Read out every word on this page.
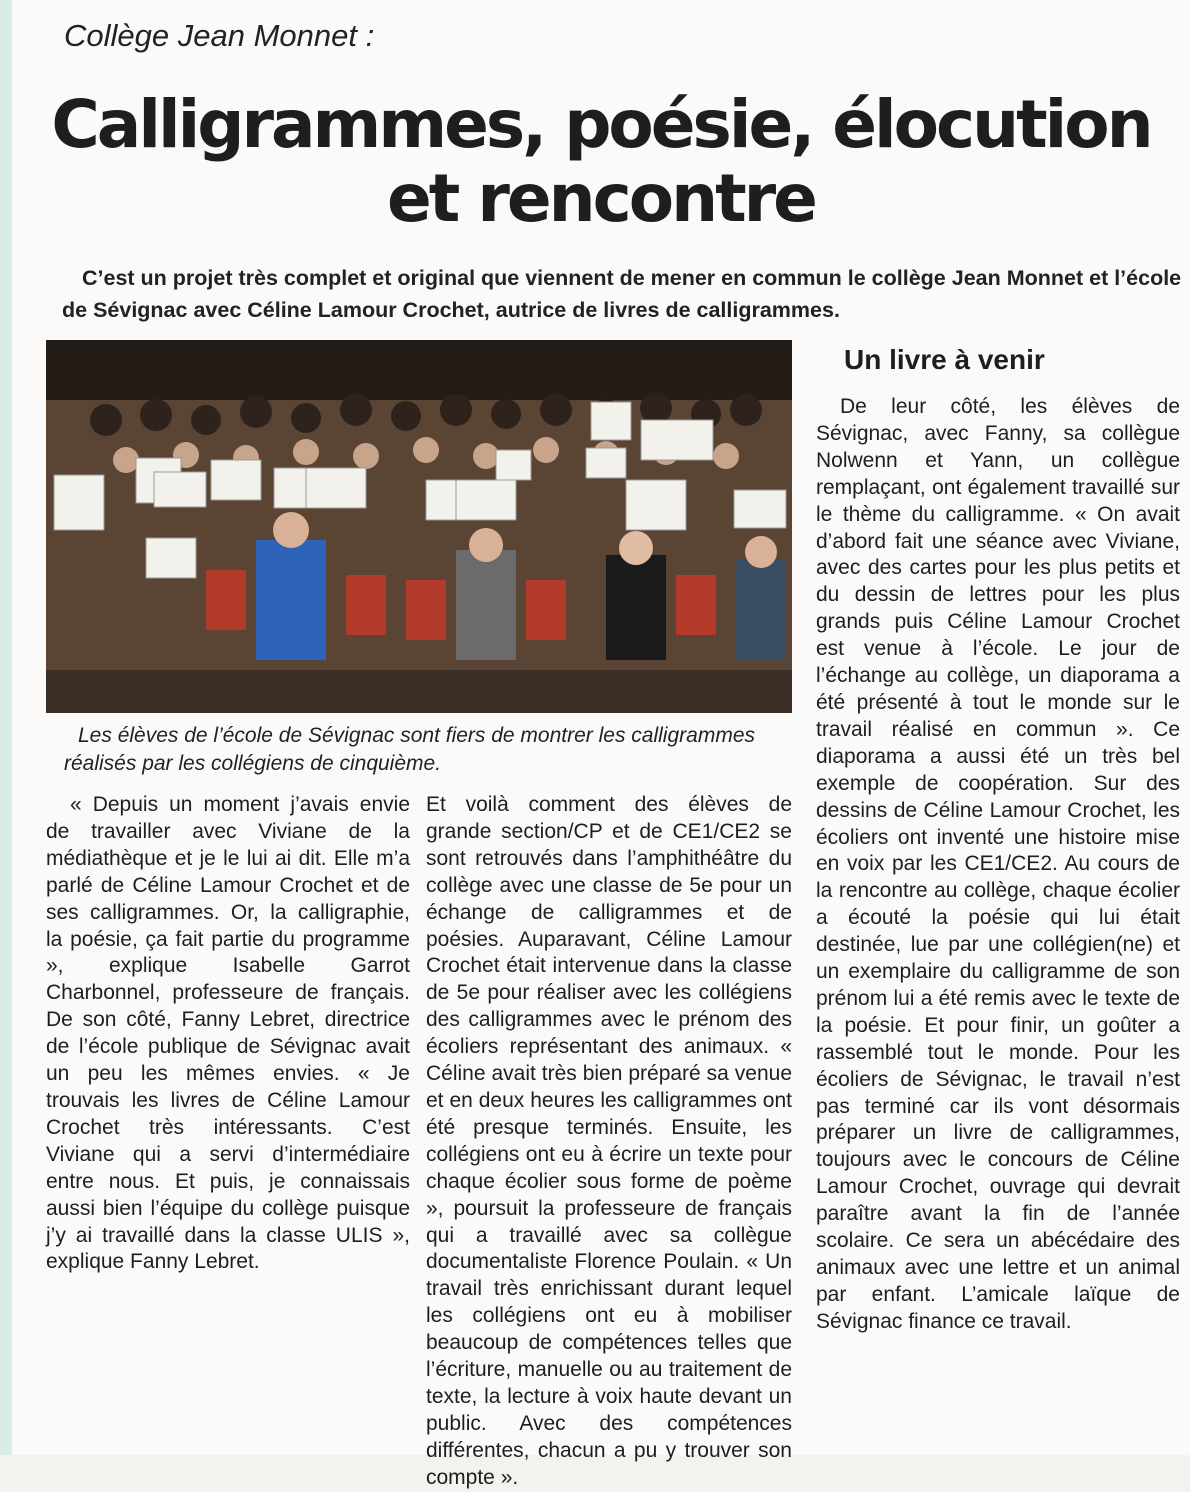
Collège Jean Monnet :
Calligrammes, poésie, élocution
et rencontre
C’est un projet très complet et original que viennent de mener en commun le collège Jean Monnet et l’école de Sévignac avec Céline Lamour Crochet, autrice de livres de calligrammes.
Les élèves de l’école de Sévignac sont fiers de montrer les calligrammes réalisés par les collégiens de cinquième.

« Depuis un moment j’avais envie de travailler avec Viviane de la médiathèque et je le lui ai dit. Elle m’a parlé de Céline Lamour Crochet et de ses calligrammes. Or, la calligraphie, la poésie, ça fait partie du programme », explique Isabelle Garrot Charbonnel, professeure de français. De son côté, Fanny Lebret, directrice de l’école publique de Sévignac avait un peu les mêmes envies. « Je trouvais les livres de Céline Lamour Crochet très intéressants. C’est Viviane qui a servi d’intermédiaire entre nous. Et puis, je connaissais aussi bien l’équipe du collège puisque j’y ai travaillé dans la classe ULIS », explique Fanny Lebret.

Et voilà comment des élèves de grande section/CP et de CE1/CE2 se sont retrouvés dans l’amphithéâtre du collège avec une classe de 5e pour un échange de calligrammes et de poésies. Auparavant, Céline Lamour Crochet était intervenue dans la classe de 5e pour réaliser avec les collégiens des calligrammes avec le prénom des écoliers représentant des animaux. « Céline avait très bien préparé sa venue et en deux heures les calligrammes ont été presque terminés. Ensuite, les collégiens ont eu à écrire un texte pour chaque écolier sous forme de poème », poursuit la professeure de français qui a travaillé avec sa collègue documentaliste Florence Poulain. « Un travail très enrichissant durant lequel les collégiens ont eu à mobiliser beaucoup de compétences telles que l’écriture, manuelle ou au traitement de texte, la lecture à voix haute devant un public. Avec des compétences différentes, chacun a pu y trouver son compte ».

Un livre à venir

De leur côté, les élèves de Sévignac, avec Fanny, sa collègue Nolwenn et Yann, un collègue remplaçant, ont également travaillé sur le thème du calligramme. « On avait d’abord fait une séance avec Viviane, avec des cartes pour les plus petits et du dessin de lettres pour les plus grands puis Céline Lamour Crochet est venue à l’école. Le jour de l’échange au collège, un diaporama a été présenté à tout le monde sur le travail réalisé en commun ». Ce diaporama a aussi été un très bel exemple de coopération. Sur des dessins de Céline Lamour Crochet, les écoliers ont inventé une histoire mise en voix par les CE1/CE2. Au cours de la rencontre au collège, chaque écolier a écouté la poésie qui lui était destinée, lue par une collégien(ne) et un exemplaire du calligramme de son prénom lui a été remis avec le texte de la poésie. Et pour finir, un goûter a rassemblé tout le monde. Pour les écoliers de Sévignac, le travail n’est pas terminé car ils vont désormais préparer un livre de calligrammes, toujours avec le concours de Céline Lamour Crochet, ouvrage qui devrait paraître avant la fin de l’année scolaire. Ce sera un abécédaire des animaux avec une lettre et un animal par enfant. L’amicale laïque de Sévignac finance ce travail.
